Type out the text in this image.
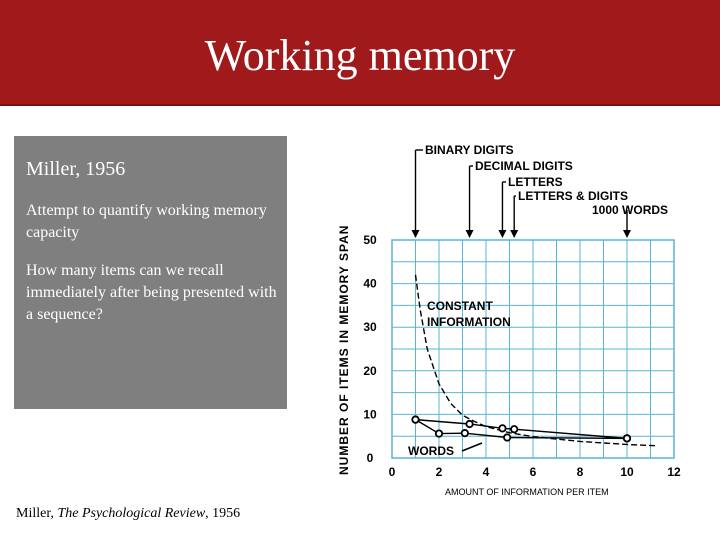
Working memory
Miller, 1956
Attempt to quantify working memory capacity
How many items can we recall immediately after being presented with a sequence?
Miller, The Psychological Review, 1956
0	2	4	6	8	10	12
0
10
20
30
40
50
BINARY DIGITS
DECIMAL DIGITS
LETTERS
LETTERS & DIGITS
1000 WORDS
NUMBER OF ITEMS IN MEMORY SPAN
AMOUNT OF INFORMATION PER ITEM
CONSTANT
INFORMATION
WORDS
